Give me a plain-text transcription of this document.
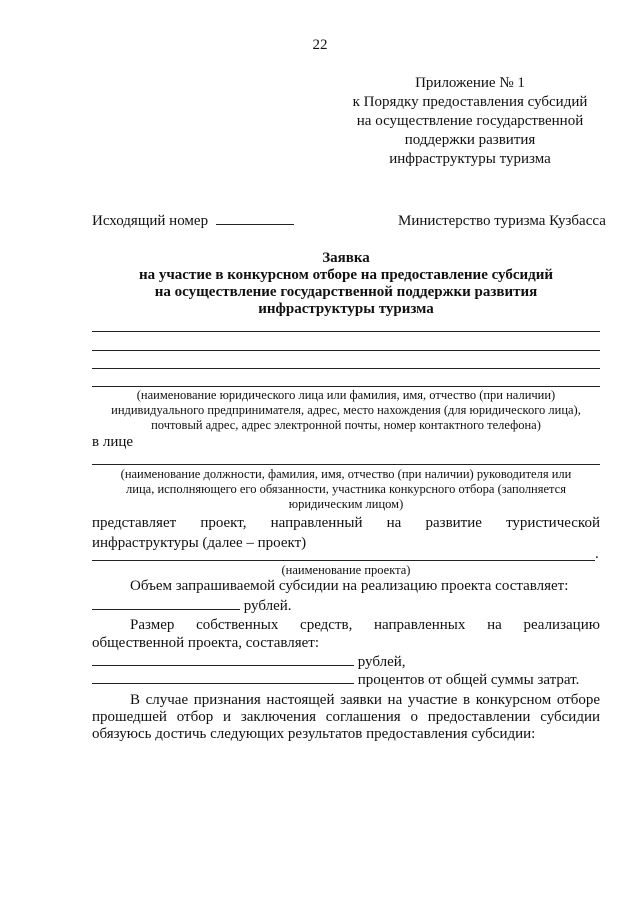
22
Приложение № 1
к Порядку предоставления субсидий
на осуществление государственной
поддержки развития
инфраструктуры туризма
Исходящий номер	Министерство туризма Кузбасса
Заявка
на участие в конкурсном отборе на предоставление субсидий
на осуществление государственной поддержки развития
инфраструктуры туризма
(наименование юридического лица или фамилия, имя, отчество (при наличии)
индивидуального предпринимателя, адрес, место нахождения (для юридического лица),
почтовый адрес, адрес электронной почты, номер контактного телефона)
в лице
(наименование должности, фамилия, имя, отчество (при наличии) руководителя или
лица, исполняющего его обязанности, участника конкурсного отбора (заполняется
юридическим лицом)
представляет проект, направленный на развитие туристической
инфраструктуры (далее – проект)
.
(наименование проекта)
Объем запрашиваемой субсидии на реализацию проекта составляет:
рублей.
Размер собственных средств, направленных на реализацию
общественной проекта, составляет:
рублей,
процентов от общей суммы затрат.
В случае признания настоящей заявки на участие в конкурсном отборе
прошедшей отбор и заключения соглашения о предоставлении субсидии
обязуюсь достичь следующих результатов предоставления субсидии:
